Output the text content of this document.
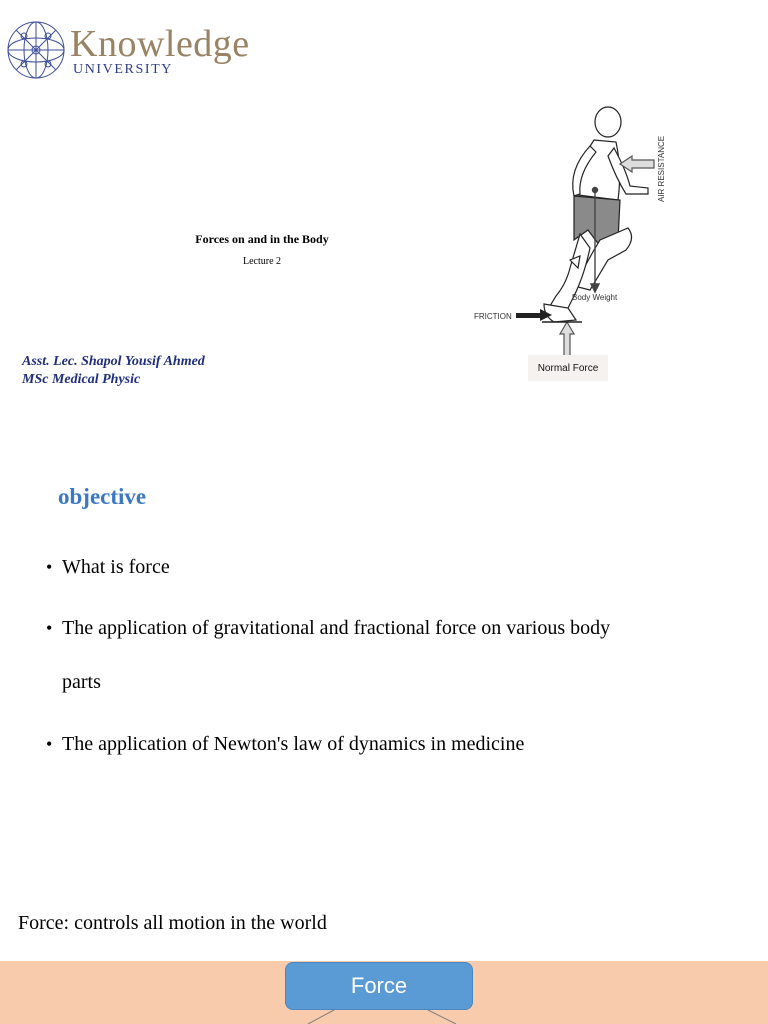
Knowledge
UNIVERSITY
Forces on and in the Body
Lecture 2
Asst. Lec. Shapol Yousif Ahmed
MSc Medical Physic
AIR RESISTANCE
Body Weight
FRICTION
Normal Force
objective
• What is force
• The application of gravitational and fractional force on various body
parts
• The application of Newton's law of dynamics in medicine
Force: controls all motion in the world
Force
